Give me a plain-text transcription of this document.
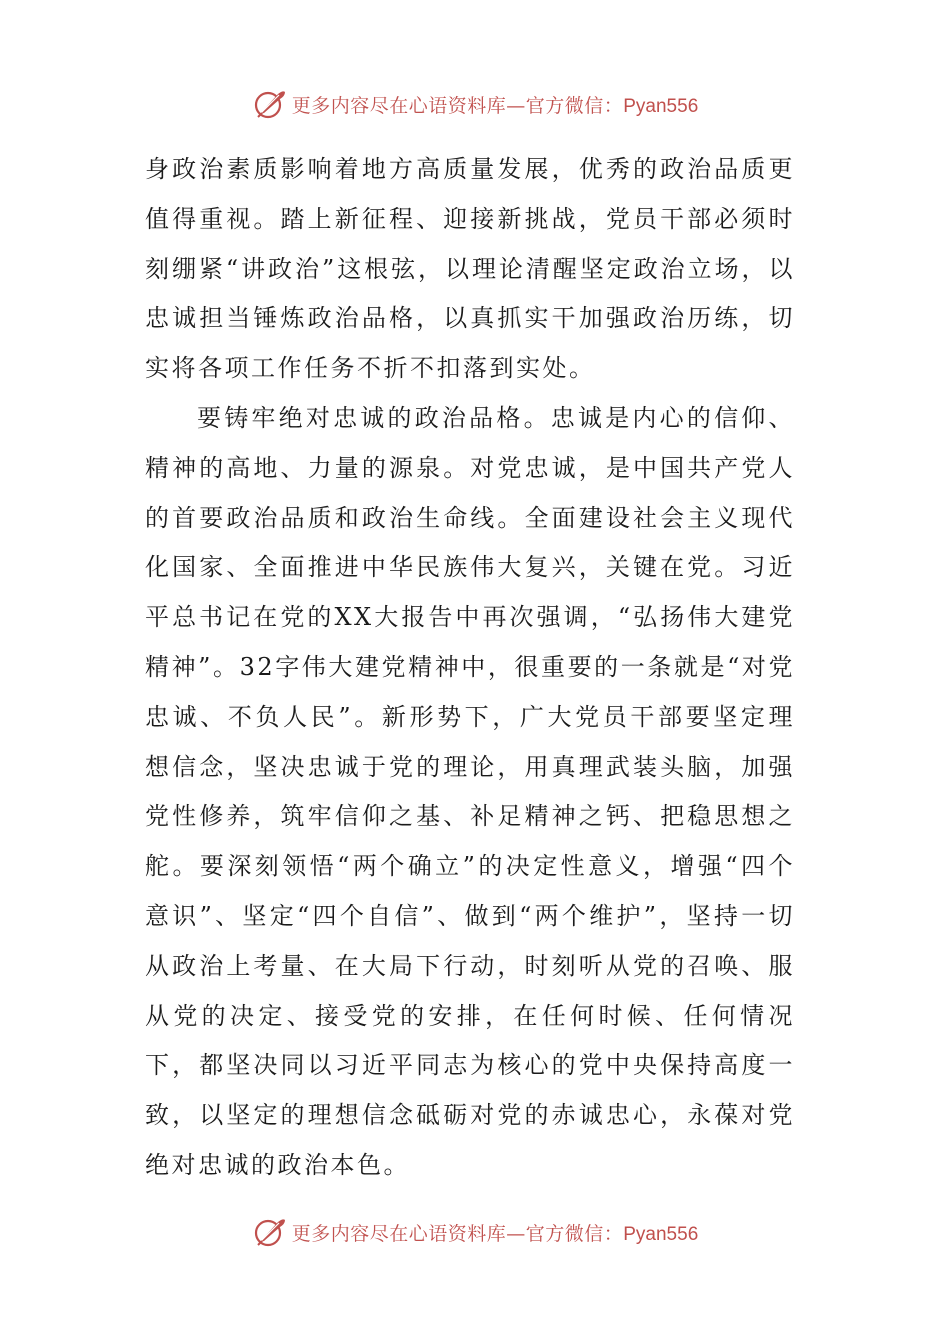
更多内容尽在心语资料库—官方微信：Pyan556

身政治素质影响着地方高质量发展，优秀的政治品质更值得重视。踏上新征程、迎接新挑战，党员干部必须时刻绷紧“讲政治”这根弦，以理论清醒坚定政治立场，以忠诚担当锤炼政治品格，以真抓实干加强政治历练，切实将各项工作任务不折不扣落到实处。

要铸牢绝对忠诚的政治品格。忠诚是内心的信仰、精神的高地、力量的源泉。对党忠诚，是中国共产党人的首要政治品质和政治生命线。全面建设社会主义现代化国家、全面推进中华民族伟大复兴，关键在党。习近平总书记在党的XX大报告中再次强调，“弘扬伟大建党精神”。32字伟大建党精神中，很重要的一条就是“对党忠诚、不负人民”。新形势下，广大党员干部要坚定理想信念，坚决忠诚于党的理论，用真理武装头脑，加强党性修养，筑牢信仰之基、补足精神之钙、把稳思想之舵。要深刻领悟“两个确立”的决定性意义，增强“四个意识”、坚定“四个自信”、做到“两个维护”，坚持一切从政治上考量、在大局下行动，时刻听从党的召唤、服从党的决定、接受党的安排，在任何时候、任何情况下，都坚决同以习近平同志为核心的党中央保持高度一致，以坚定的理想信念砥砺对党的赤诚忠心，永葆对党绝对忠诚的政治本色。

更多内容尽在心语资料库—官方微信：Pyan556
